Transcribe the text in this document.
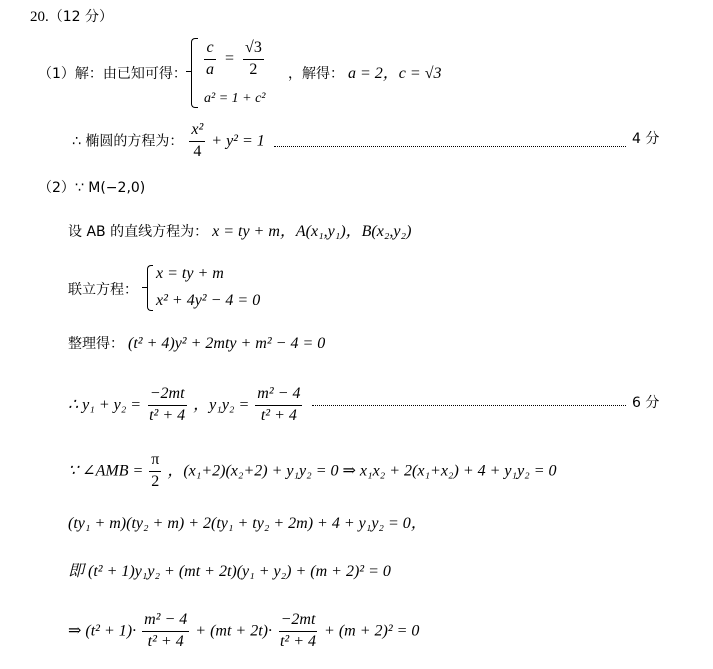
20.（12 分）
（1）解：由已知可得： $\frac{c}{a} = \frac{√3}{2}$
a² = 1 + c²
，解得： a = 2，c = √3
∴ 椭圆的方程为： $\frac{\text{x²}}{4} + y^2 = 1$	4 分
（2）∵ M(−2,0)
设 AB 的直线方程为： x = ty + m，A(x₁,y₁)，B(x₂,y₂)
联立方程：
x = ty + m
x² + 4y² − 4 = 0
整理得： (t² + 4)y² + 2mty + m² − 4 = 0
∴ $y_1 + y_2 = \frac{-2mt}{\text{t² + 4}}$ ，$y_1y_2 = \frac{\text{m² − 4}}{\text{t² + 4}}$	6 分
∵ ∠AMB = $\frac{\pi}{2}$ ，(x₁+2)(x₂+2) + y₁y₂ = 0 ⇒ x₁x₂ + 2(x₁+x₂) + 4 + y₁y₂ = 0
(ty₁ + m)(ty₂ + m) + 2(ty₁ + ty₂ + 2m) + 4 + y₁y₂ = 0，
即 (t² + 1)y₁y₂ + (mt + 2t)(y₁ + y₂) + (m + 2)² = 0
⇒ $(t^2 + 1)\cdot \frac{\text{m² − 4}}{\text{t² + 4}} + (mt + 2t)\cdot \frac{-2mt}{\text{t² + 4}} + (m + 2)^2 = 0$
